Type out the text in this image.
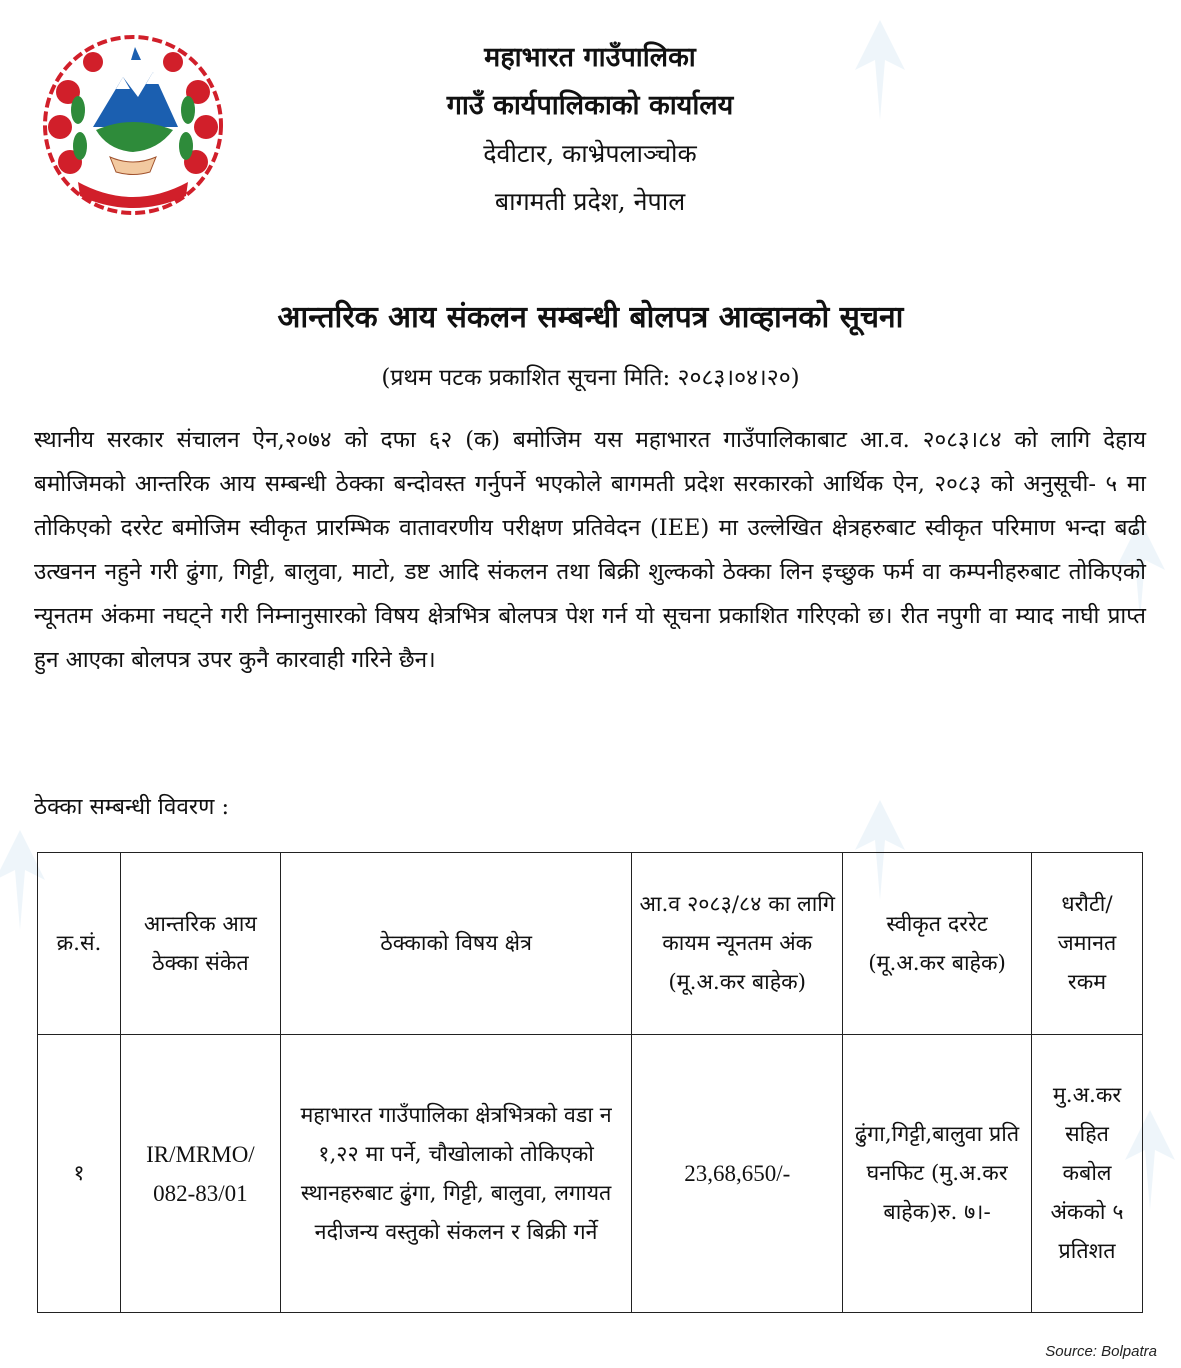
महाभारत गाउँपालिका
गाउँ कार्यपालिकाको कार्यालय
देवीटार, काभ्रेपलाञ्चोक
बागमती प्रदेश, नेपाल
आन्तरिक आय संकलन सम्बन्धी बोलपत्र आव्हानको सूचना
(प्रथम पटक प्रकाशित सूचना मिति: २०८३।०४।२०)
स्थानीय सरकार संचालन ऐन,२०७४ को दफा ६२ (क) बमोजिम यस महाभारत गाउँपालिकाबाट आ.व. २०८३।८४ को लागि देहाय बमोजिमको आन्तरिक आय सम्बन्धी ठेक्का बन्दोवस्त गर्नुपर्ने भएकोले बागमती प्रदेश सरकारको आर्थिक ऐन, २०८३ को अनुसूची- ५ मा तोकिएको दररेट बमोजिम स्वीकृत प्रारम्भिक वातावरणीय परीक्षण प्रतिवेदन (IEE) मा उल्लेखित क्षेत्रहरुबाट स्वीकृत परिमाण भन्दा बढी उत्खनन नहुने गरी ढुंगा, गिट्टी, बालुवा, माटो, डष्ट आदि संकलन तथा बिक्री शुल्कको ठेक्का लिन इच्छुक फर्म वा कम्पनीहरुबाट तोकिएको न्यूनतम अंकमा नघट्ने गरी निम्नानुसारको विषय क्षेत्रभित्र बोलपत्र पेश गर्न यो सूचना प्रकाशित गरिएको छ। रीत नपुगी वा म्याद नाघी प्राप्त हुन आएका बोलपत्र उपर कुनै कारवाही गरिने छैन।
ठेक्का सम्बन्धी विवरण :
क्र.सं.	आन्तरिक आय ठेक्का संकेत	ठेक्काको विषय क्षेत्र	आ.व २०८३/८४ का लागि कायम न्यूनतम अंक (मू.अ.कर बाहेक)	स्वीकृत दररेट (मू.अ.कर बाहेक)	धरौटी/ जमानत रकम
१	IR/MRMO/ 082-83/01	महाभारत गाउँपालिका क्षेत्रभित्रको वडा न १,२२ मा पर्ने, चौखोलाको तोकिएको स्थानहरुबाट ढुंगा, गिट्टी, बालुवा, लगायत नदीजन्य वस्तुको संकलन र बिक्री गर्ने	23,68,650/-	ढुंगा,गिट्टी,बालुवा प्रति घनफिट (मु.अ.कर बाहेक)रु. ७।-	मु.अ.कर सहित कबोल अंकको ५ प्रतिशत
Source: Bolpatra
